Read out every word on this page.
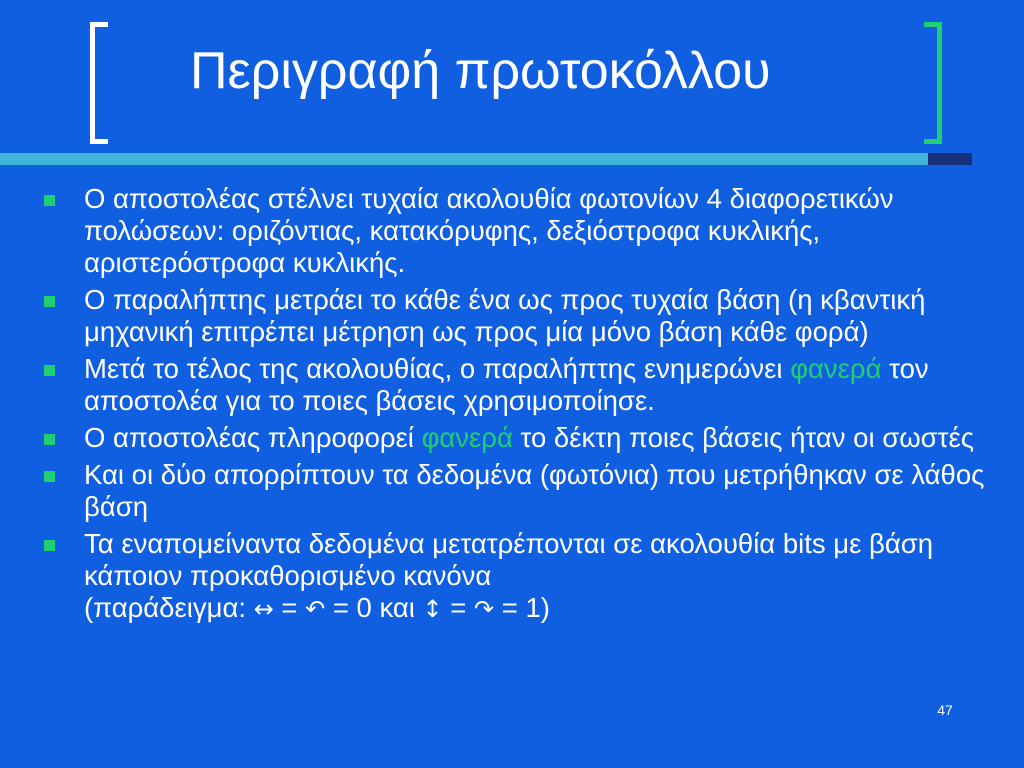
Περιγραφή πρωτοκόλλου
Ο αποστολέας στέλνει τυχαία ακολουθία φωτονίων 4 διαφορετικών πολώσεων: οριζόντιας, κατακόρυφης, δεξιόστροφα κυκλικής, αριστερόστροφα κυκλικής.
Ο παραλήπτης μετράει το κάθε ένα ως προς τυχαία βάση (η κβαντική μηχανική επιτρέπει μέτρηση ως προς μία μόνο βάση κάθε φορά)
Μετά το τέλος της ακολουθίας, ο παραλήπτης ενημερώνει φανερά τον αποστολέα για το ποιες βάσεις χρησιμοποίησε.
Ο αποστολέας πληροφορεί φανερά το δέκτη ποιες βάσεις ήταν οι σωστές
Και οι δύο απορρίπτουν τα δεδομένα (φωτόνια) που μετρήθηκαν σε λάθος βάση
Τα εναπομείναντα δεδομένα μετατρέπονται σε ακολουθία bits με βάση κάποιον προκαθορισμένο κανόνα
(παράδειγμα: ↔ = ↶ = 0 και ↕ = ↷ = 1)
47
